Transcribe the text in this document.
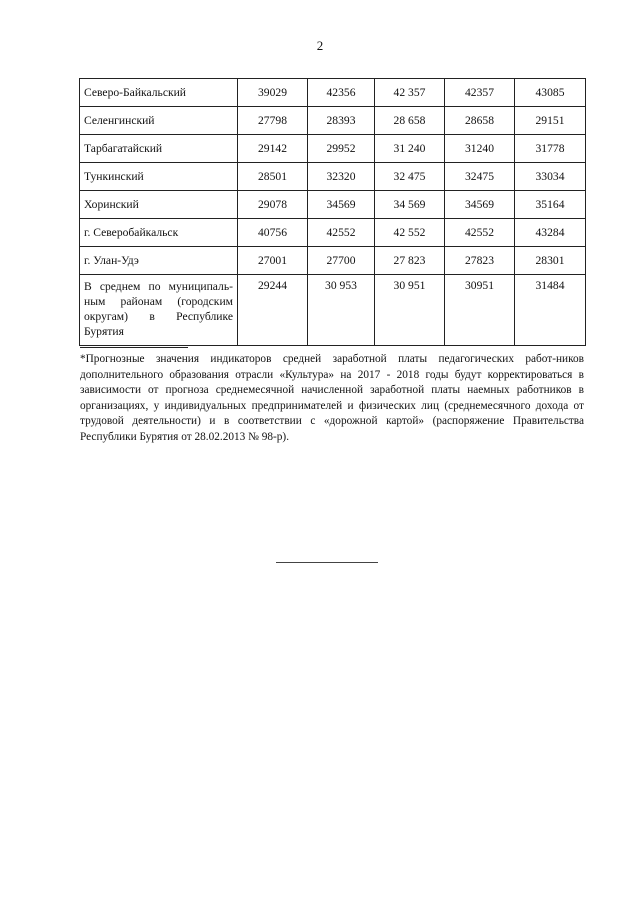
2
Северо-Байкальский	39029	42356	42 357	42357	43085
Селенгинский	27798	28393	28 658	28658	29151
Тарбагатайский	29142	29952	31 240	31240	31778
Тункинский	28501	32320	32 475	32475	33034
Хоринский	29078	34569	34 569	34569	35164
г. Северобайкальск	40756	42552	42 552	42552	43284
г. Улан-Удэ	27001	27700	27 823	27823	28301
В среднем по муниципаль-ным районам (городским округам) в Республике Бурятия	29244	30 953	30 951	30951	31484
*Прогнозные значения индикаторов средней заработной платы педагогических работ-ников дополнительного образования отрасли «Культура» на 2017 - 2018 годы будут корректироваться в зависимости от прогноза среднемесячной начисленной заработной платы наемных работников в организациях, у индивидуальных предпринимателей и физических лиц (среднемесячного дохода от трудовой деятельности) и в соответствии с «дорожной картой» (распоряжение Правительства Республики Бурятия от 28.02.2013 № 98-р).
